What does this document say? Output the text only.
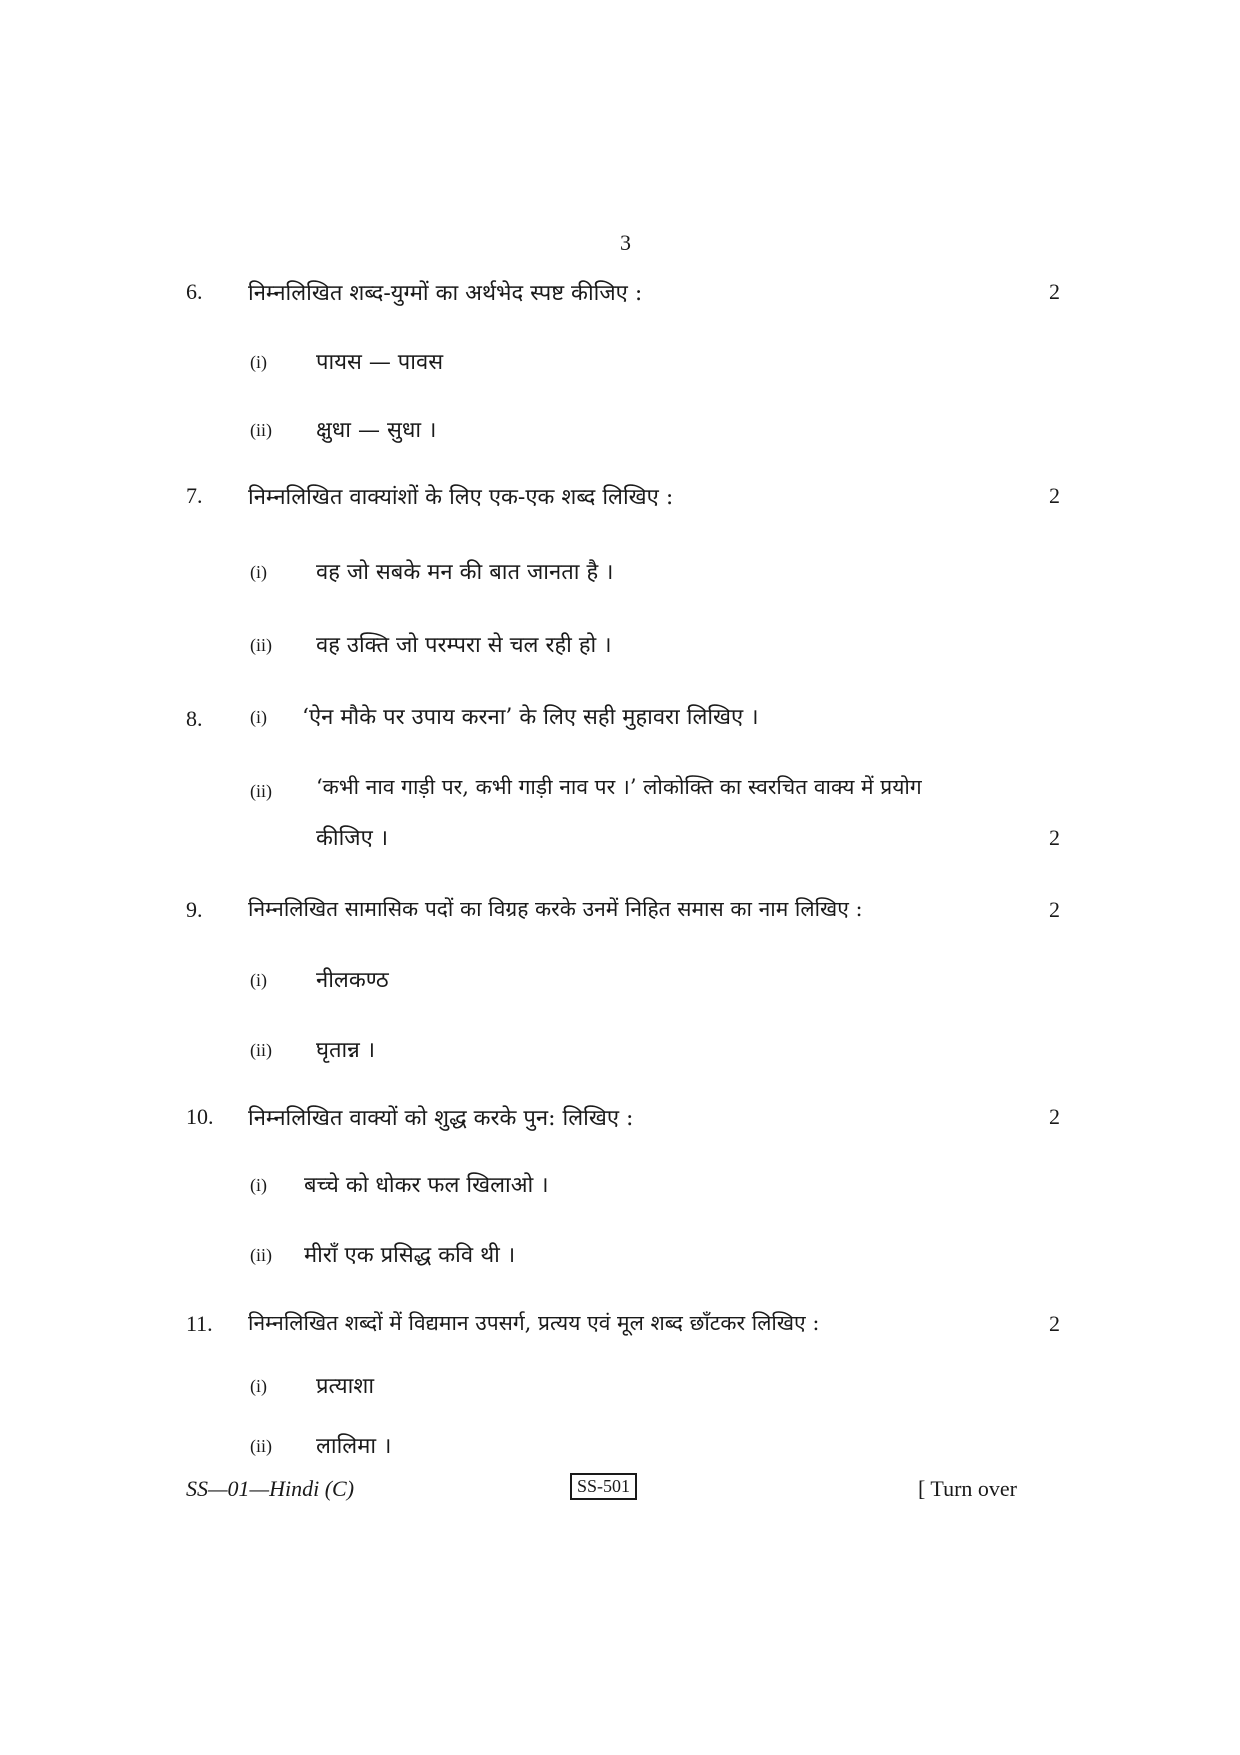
3
6. निम्नलिखित शब्द-युग्मों का अर्थभेद स्पष्ट कीजिए :	2
(i) पायस — पावस
(ii) क्षुधा — सुधा ।
7. निम्नलिखित वाक्यांशों के लिए एक-एक शब्द लिखिए :	2
(i) वह जो सबके मन की बात जानता है ।
(ii) वह उक्ति जो परम्परा से चल रही हो ।
8.	(i) ‘ऐन मौके पर उपाय करना’ के लिए सही मुहावरा लिखिए ।
(ii) ‘कभी नाव गाड़ी पर, कभी गाड़ी नाव पर ।’ लोकोक्ति का स्वरचित वाक्य में प्रयोग
कीजिए ।	2
9. निम्नलिखित सामासिक पदों का विग्रह करके उनमें निहित समास का नाम लिखिए :	2
(i) नीलकण्ठ
(ii) घृतान्न ।
10. निम्नलिखित वाक्यों को शुद्ध करके पुन: लिखिए :	2
(i) बच्चे को धोकर फल खिलाओ ।
(ii) मीराँ एक प्रसिद्ध कवि थी ।
11. निम्नलिखित शब्दों में विद्यमान उपसर्ग, प्रत्यय एवं मूल शब्द छाँटकर लिखिए :	2
(i) प्रत्याशा
(ii) लालिमा ।
SS—01—Hindi (C)	SS-501	[ Turn over
